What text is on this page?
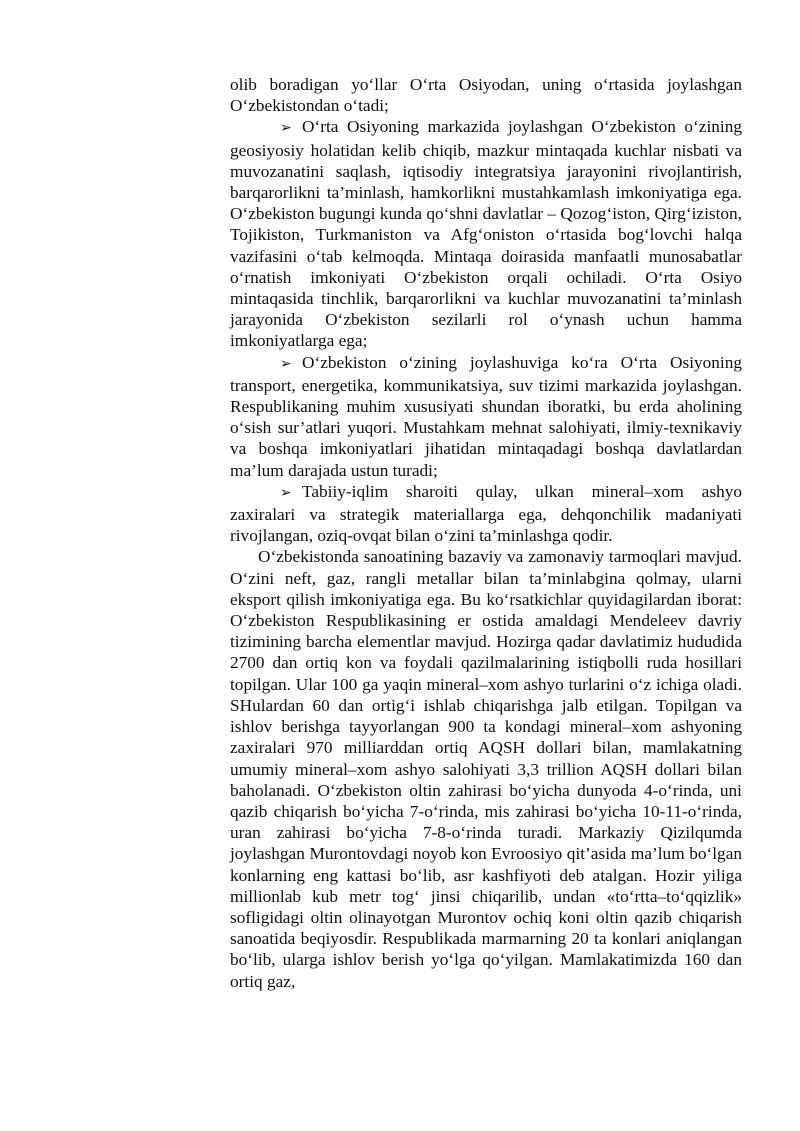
olib boradigan yo‘llar O‘rta Osiyodan, uning o‘rtasida joylashgan O‘zbekistondan o‘tadi;

➢ O‘rta Osiyoning markazida joylashgan O‘zbekiston o‘zining geosiyosiy holatidan kelib chiqib, mazkur mintaqada kuchlar nisbati va muvozanatini saqlash, iqtisodiy integratsiya jarayonini rivojlantirish, barqarorlikni ta’minlash, hamkorlikni mustahkamlash imkoniyatiga ega. O‘zbekiston bugungi kunda qo‘shni davlatlar – Qozog‘iston, Qirg‘iziston, Tojikiston, Turkmaniston va Afg‘oniston o‘rtasida bog‘lovchi halqa vazifasini o‘tab kelmoqda. Mintaqa doirasida manfaatli munosabatlar o‘rnatish imkoniyati O‘zbekiston orqali ochiladi. O‘rta Osiyo mintaqasida tinchlik, barqarorlikni va kuchlar muvozanatini ta’minlash jarayonida O‘zbekiston sezilarli rol o‘ynash uchun hamma imkoniyatlarga ega;

➢ O‘zbekiston o‘zining joylashuviga ko‘ra O‘rta Osiyoning transport, energetika, kommunikatsiya, suv tizimi markazida joylashgan. Respublikaning muhim xususiyati shundan iboratki, bu erda aholining o‘sish sur’atlari yuqori. Mustahkam mehnat salohiyati, ilmiy-texnikaviy va boshqa imkoniyatlari jihatidan mintaqadagi boshqa davlatlardan ma’lum darajada ustun turadi;

➢ Tabiiy-iqlim sharoiti qulay, ulkan mineral–xom ashyo zaxiralari va strategik materiallarga ega, dehqonchilik madaniyati rivojlangan, oziq-ovqat bilan o‘zini ta’minlashga qodir.

O‘zbekistonda sanoatining bazaviy va zamonaviy tarmoqlari mavjud. O‘zini neft, gaz, rangli metallar bilan ta’minlabgina qolmay, ularni eksport qilish imkoniyatiga ega. Bu ko‘rsatkichlar quyidagilardan iborat: O‘zbekiston Respublikasining er ostida amaldagi Mendeleev davriy tizimining barcha elementlar mavjud. Hozirga qadar davlatimiz hududida 2700 dan ortiq kon va foydali qazilmalarining istiqbolli ruda hosillari topilgan. Ular 100 ga yaqin mineral–xom ashyo turlarini o‘z ichiga oladi. SHulardan 60 dan ortig‘i ishlab chiqarishga jalb etilgan. Topilgan va ishlov berishga tayyorlangan 900 ta kondagi mineral–xom ashyoning zaxiralari 970 milliarddan ortiq AQSH dollari bilan, mamlakatning umumiy mineral–xom ashyo salohiyati 3,3 trillion AQSH dollari bilan baholanadi. O‘zbekiston oltin zahirasi bo‘yicha dunyoda 4-o‘rinda, uni qazib chiqarish bo‘yicha 7-o‘rinda, mis zahirasi bo‘yicha 10-11-o‘rinda, uran zahirasi bo‘yicha 7-8-o‘rinda turadi. Markaziy Qizilqumda joylashgan Murontovdagi noyob kon Evroosiyo qit’asida ma’lum bo‘lgan konlarning eng kattasi bo‘lib, asr kashfiyoti deb atalgan. Hozir yiliga millionlab kub metr tog‘ jinsi chiqarilib, undan «to‘rtta–to‘qqizlik» sofligidagi oltin olinayotgan Murontov ochiq koni oltin qazib chiqarish sanoatida beqiyosdir. Respublikada marmarning 20 ta konlari aniqlangan bo‘lib, ularga ishlov berish yo‘lga qo‘yilgan. Mamlakatimizda 160 dan ortiq gaz,
